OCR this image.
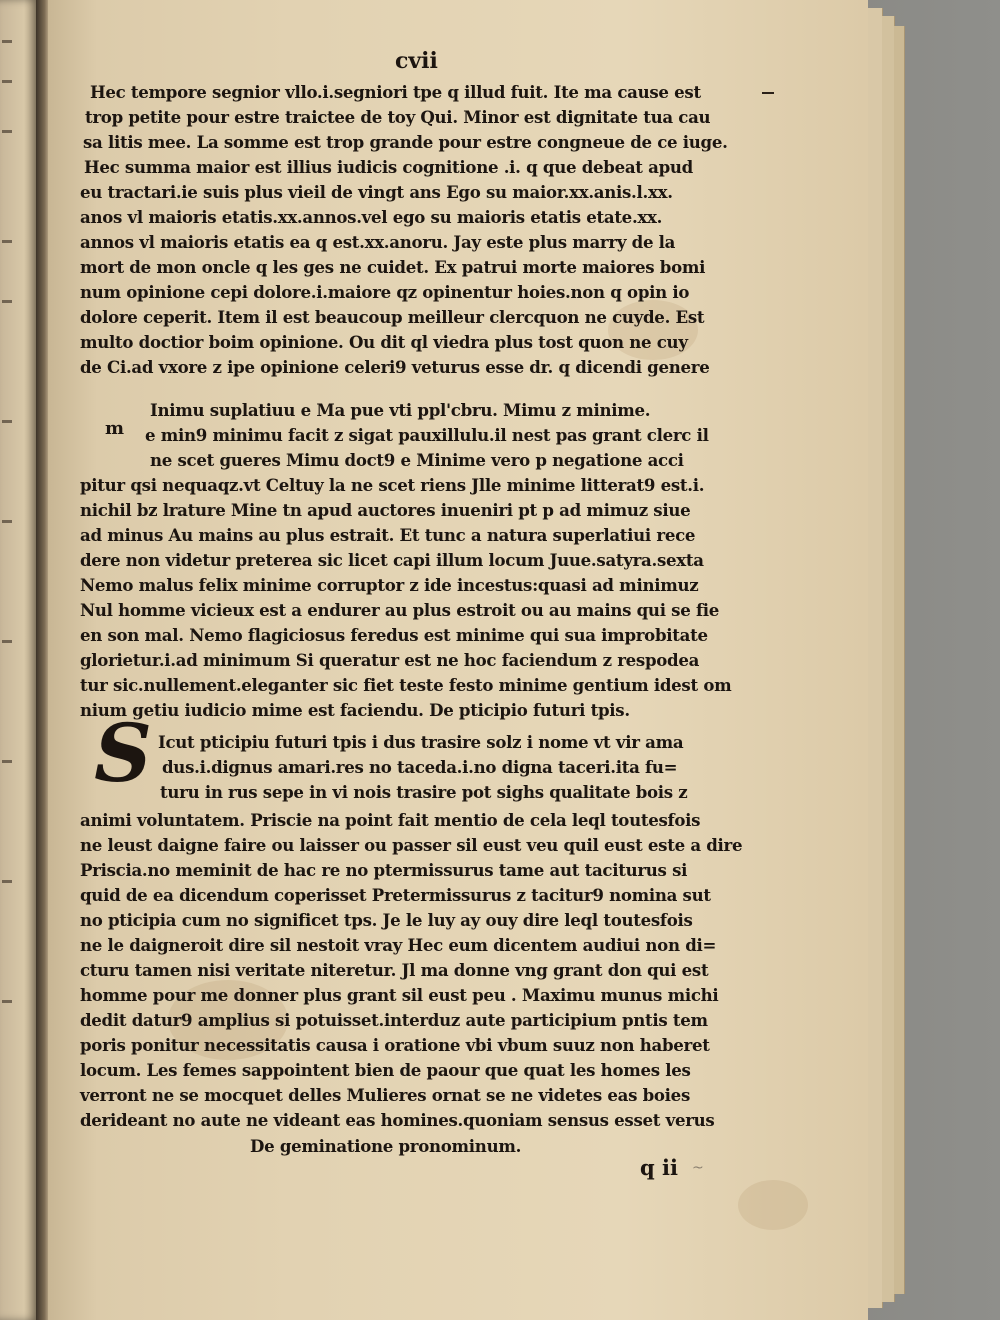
cvii
m
S
Hec tempore segnior vllo.i.segniori tpe q illud fuit. Ite ma cause est
trop petite pour estre traictee de toy Qui. Minor est dignitate tua cau
sa litis mee. La somme est trop grande pour estre congneue de ce iuge.
Hec summa maior est illius iudicis cognitione .i. q que debeat apud
eu tractari.ie suis plus vieil de vingt ans Ego su maior.xx.anis.l.xx.
anos vl maioris etatis.xx.annos.vel ego su maioris etatis etate.xx.
annos vl maioris etatis ea q est.xx.anoru. Jay este plus marry de la
mort de mon oncle q les ges ne cuidet. Ex patrui morte maiores bomi
num opinione cepi dolore.i.maiore qz opinentur hoies.non q opin io
dolore ceperit. Item il est beaucoup meilleur clercquon ne cuyde. Est
multo doctior boim opinione. Ou dit ql viedra plus tost quon ne cuy
de Ci.ad vxore z ipe opinione celeri9 veturus esse dr. q dicendi genere
Inimu suplatiuu e Ma pue vti ppl'cbru. Mimu z minime.
e min9 minimu facit z sigat pauxillulu.il nest pas grant clerc il
ne scet gueres Mimu doct9 e Minime vero p negatione acci
pitur qsi nequaqz.vt Celtuy la ne scet riens Jlle minime litterat9 est.i.
nichil bz lrature Mine tn apud auctores inueniri pt p ad mimuz siue
ad minus Au mains au plus estrait. Et tunc a natura superlatiui rece
dere non videtur preterea sic licet capi illum locum Juue.satyra.sexta
Nemo malus felix minime corruptor z ide incestus:quasi ad minimuz
Nul homme vicieux est a endurer au plus estroit ou au mains qui se fie
en son mal. Nemo flagiciosus feredus est minime qui sua improbitate
glorietur.i.ad minimum Si queratur est ne hoc faciendum z respodea
tur sic.nullement.eleganter sic fiet teste festo minime gentium idest om
nium getiu iudicio mime est faciendu. De pticipio futuri tpis.
Icut pticipiu futuri tpis i dus trasire solz i nome vt vir ama
dus.i.dignus amari.res no taceda.i.no digna taceri.ita fu=
turu in rus sepe in vi nois trasire pot sighs qualitate bois z
animi voluntatem. Priscie na point fait mentio de cela leql toutesfois
ne leust daigne faire ou laisser ou passer sil eust veu quil eust este a dire
Priscia.no meminit de hac re no ptermissurus tame aut taciturus si
quid de ea dicendum coperisset Pretermissurus z tacitur9 nomina sut
no pticipia cum no significet tps. Je le luy ay ouy dire leql toutesfois
ne le daigneroit dire sil nestoit vray Hec eum dicentem audiui non di=
cturu tamen nisi veritate niteretur. Jl ma donne vng grant don qui est
homme pour me donner plus grant sil eust peu . Maximu munus michi
dedit datur9 amplius si potuisset.interduz aute participium pntis tem
poris ponitur necessitatis causa i oratione vbi vbum suuz non haberet
locum. Les femes sappointent bien de paour que quat les homes les
verront ne se mocquet delles Mulieres ornat se ne videtes eas boies
derideant no aute ne videant eas homines.quoniam sensus esset verus
De geminatione pronominum.
q ii ~
